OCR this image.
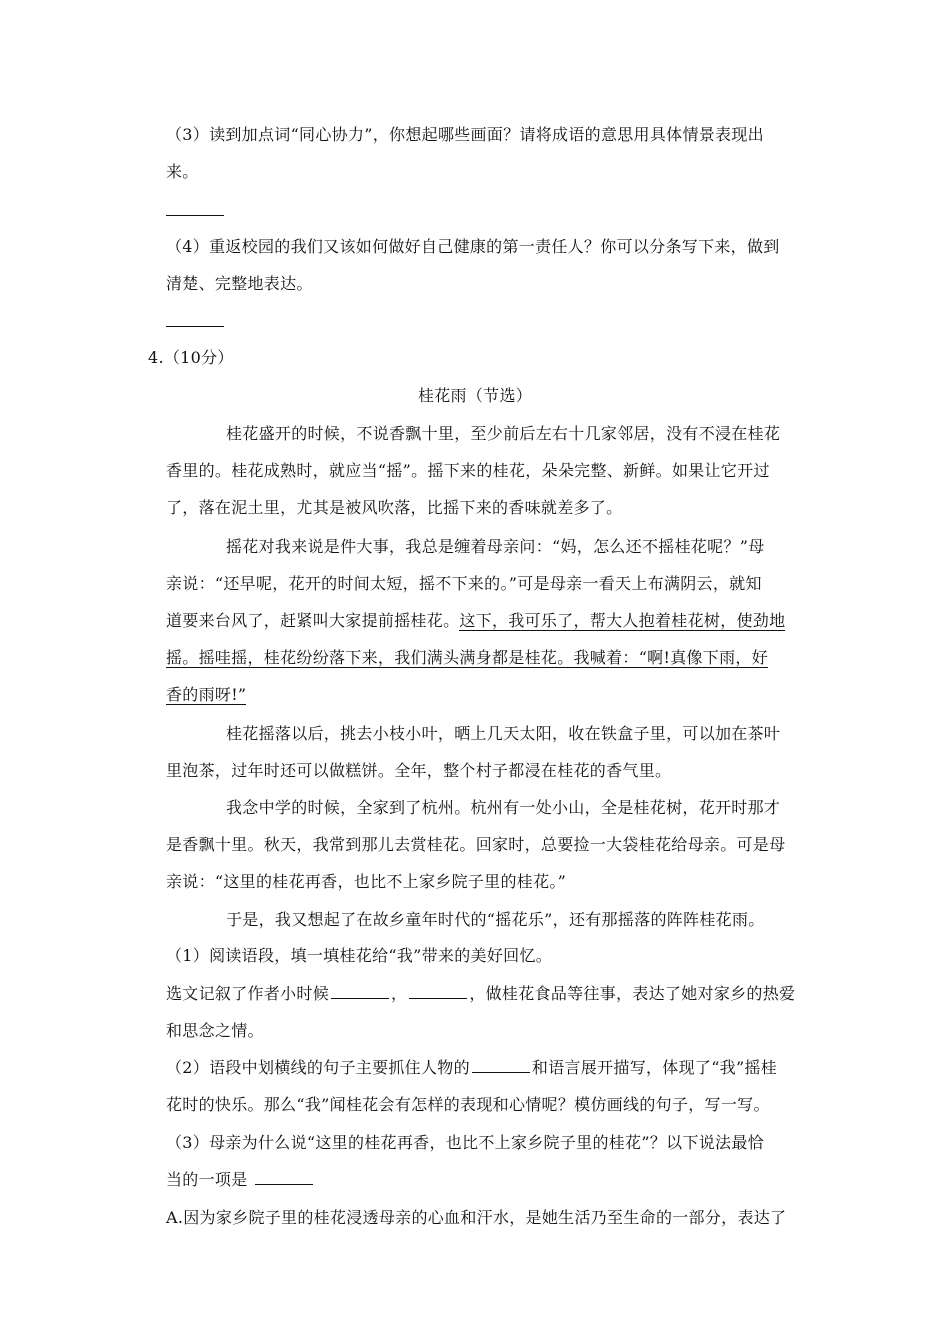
（3）读到加点词“同心协力”，你想起哪些画面？请将成语的意思用具体情景表现出
来。
（4）重返校园的我们又该如何做好自己健康的第一责任人？你可以分条写下来，做到
清楚、完整地表达。
4.（10分）
桂花雨（节选）
桂花盛开的时候，不说香飘十里，至少前后左右十几家邻居，没有不浸在桂花
香里的。桂花成熟时，就应当“摇”。摇下来的桂花，朵朵完整、新鲜。如果让它开过
了，落在泥土里，尤其是被风吹落，比摇下来的香味就差多了。
摇花对我来说是件大事，我总是缠着母亲问：“妈，怎么还不摇桂花呢？”母
亲说：“还早呢，花开的时间太短，摇不下来的。”可是母亲一看天上布满阴云，就知
道要来台风了，赶紧叫大家提前摇桂花。这下，我可乐了，帮大人抱着桂花树，使劲地
摇。摇哇摇，桂花纷纷落下来，我们满头满身都是桂花。我喊着：“啊!真像下雨，好
香的雨呀!”
桂花摇落以后，挑去小枝小叶，晒上几天太阳，收在铁盒子里，可以加在茶叶
里泡茶，过年时还可以做糕饼。全年，整个村子都浸在桂花的香气里。
我念中学的时候，全家到了杭州。杭州有一处小山，全是桂花树，花开时那才
是香飘十里。秋天，我常到那儿去赏桂花。回家时，总要捡一大袋桂花给母亲。可是母
亲说：“这里的桂花再香，也比不上家乡院子里的桂花。”
于是，我又想起了在故乡童年时代的“摇花乐”，还有那摇落的阵阵桂花雨。
（1）阅读语段，填一填桂花给“我”带来的美好回忆。
选文记叙了作者小时候	，	，做桂花食品等往事，表达了她对家乡的热爱
和思念之情。
（2）语段中划横线的句子主要抓住人物的	和语言展开描写，体现了“我”摇桂
花时的快乐。那么“我”闻桂花会有怎样的表现和心情呢？模仿画线的句子，写一写。
（3）母亲为什么说“这里的桂花再香，也比不上家乡院子里的桂花”？以下说法最恰
当的一项是
A.因为家乡院子里的桂花浸透母亲的心血和汗水，是她生活乃至生命的一部分，表达了
